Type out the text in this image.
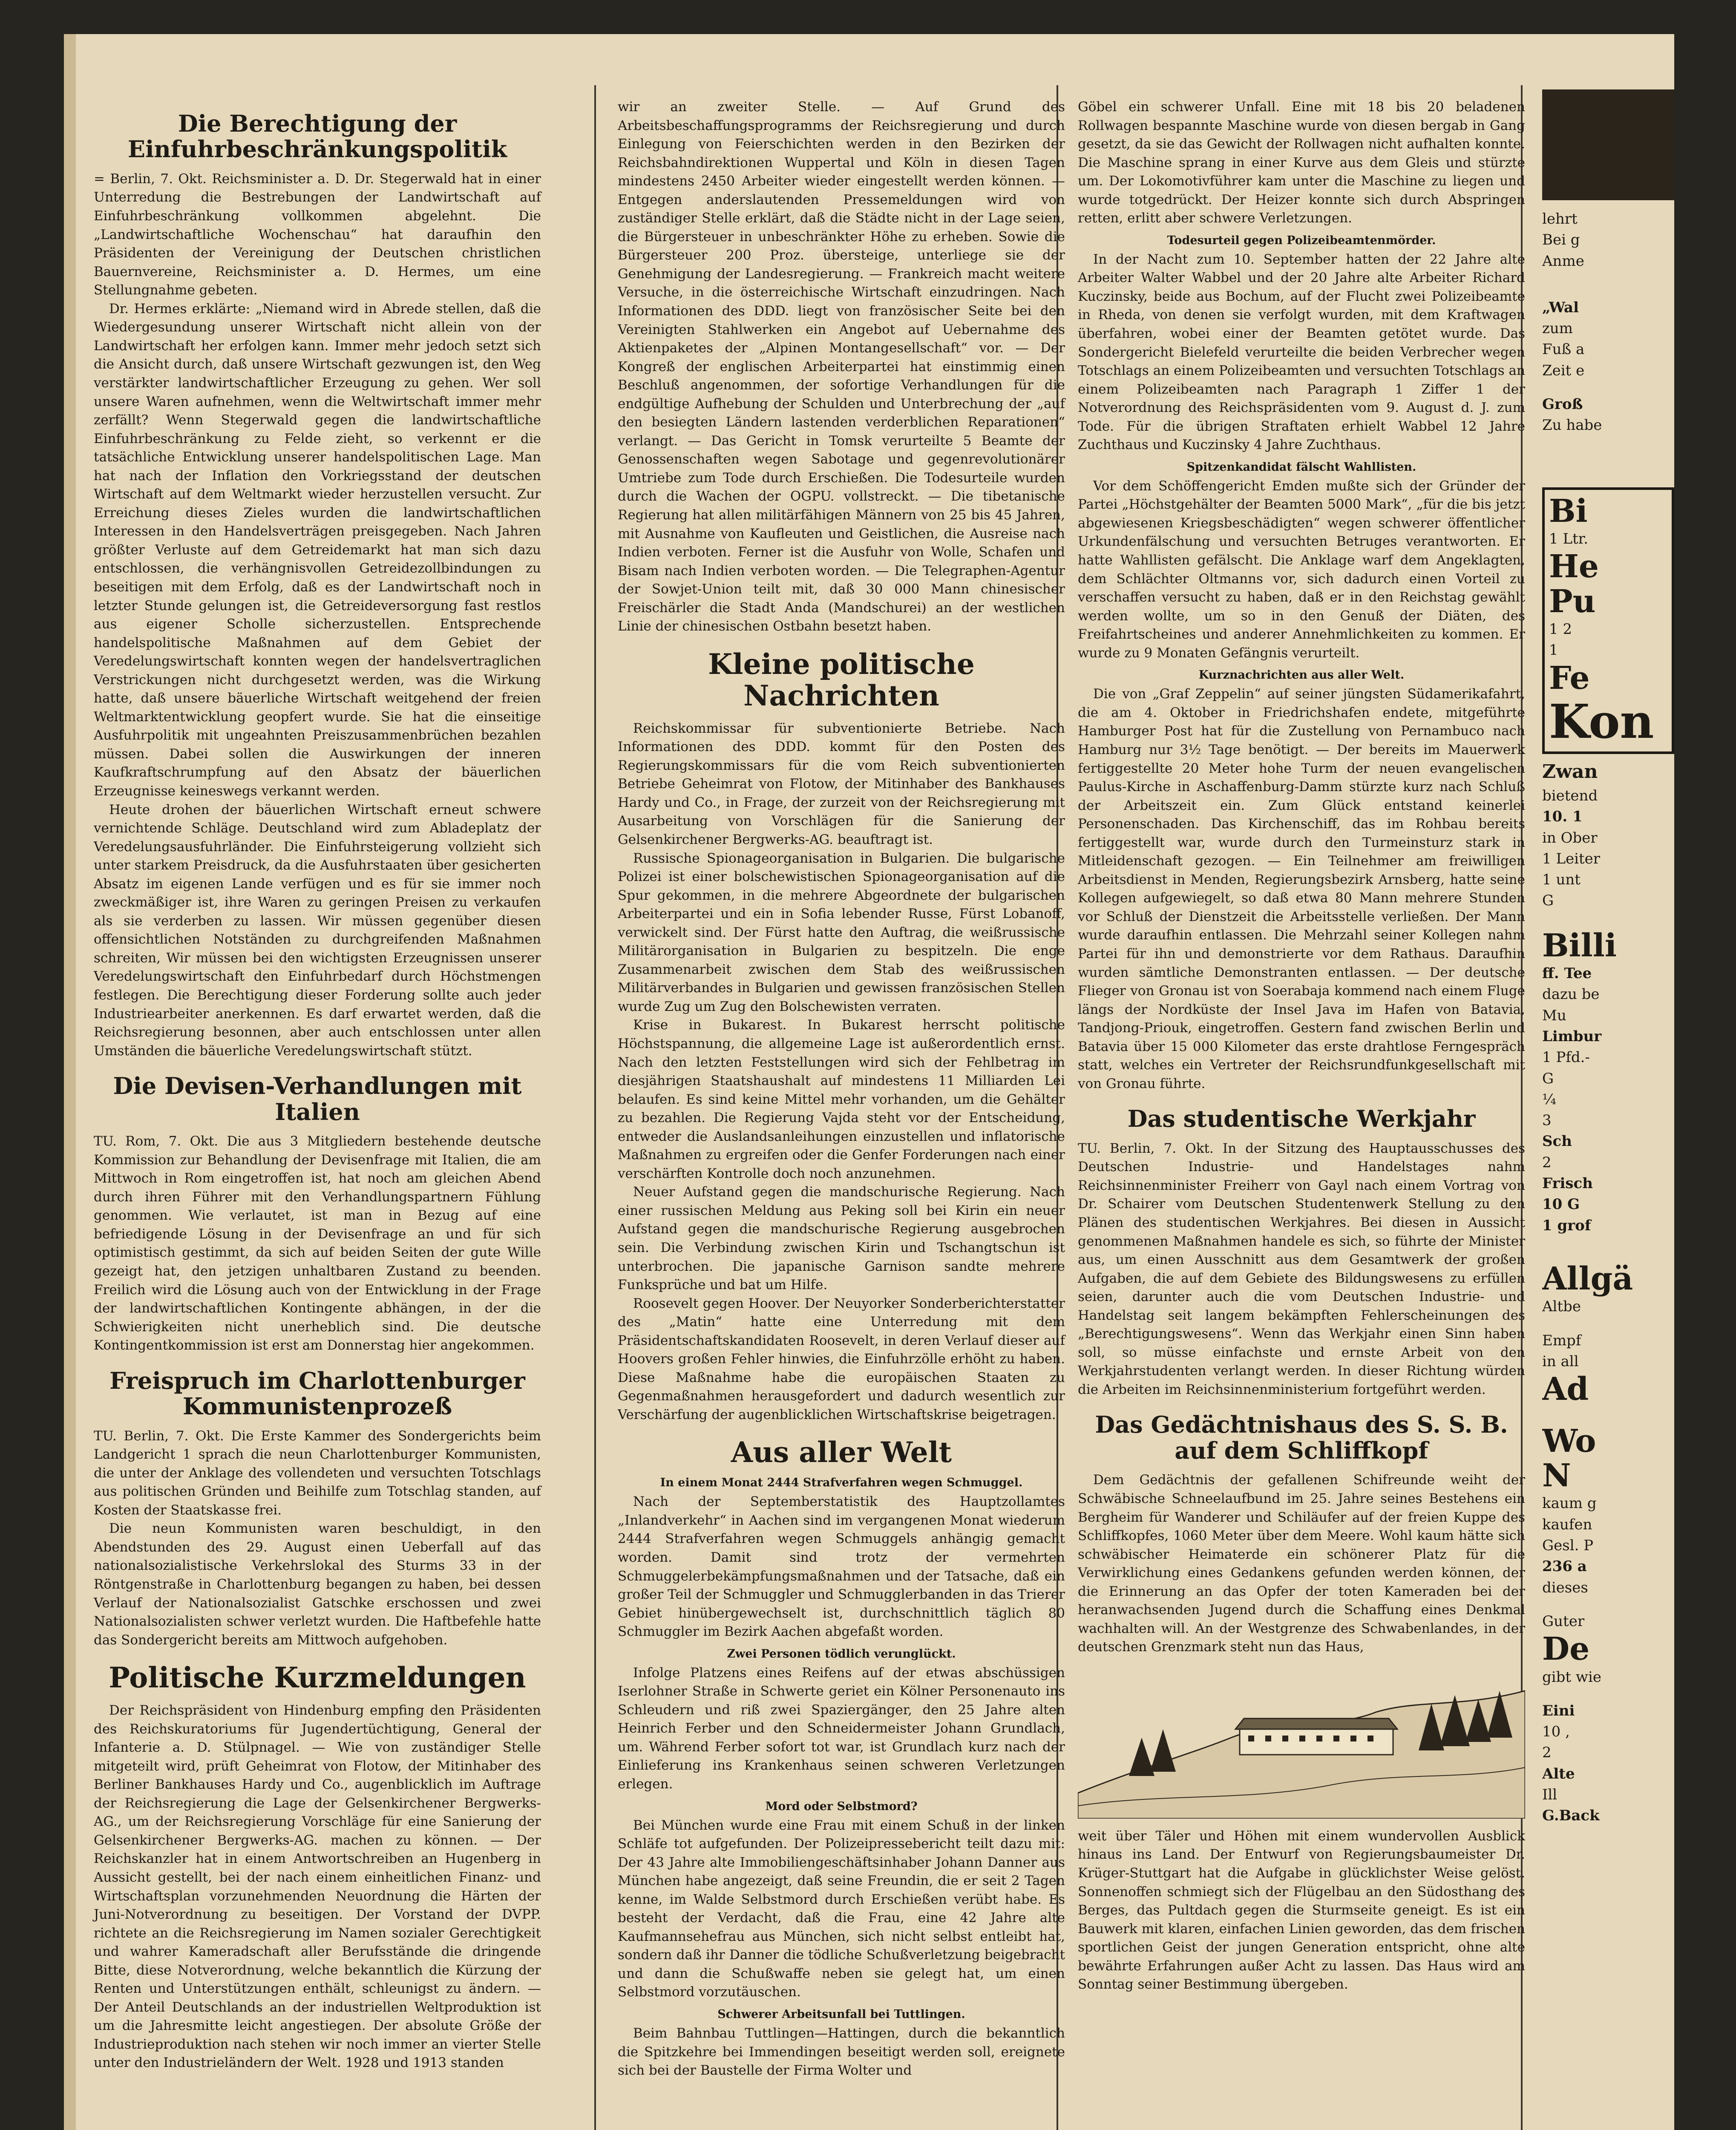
Die Berechtigung der Einfuhrbeschränkungspolitik

= Berlin, 7. Okt. Reichsminister a. D. Dr. Stegerwald hat in einer Unterredung die Bestrebungen der Landwirtschaft auf Einfuhrbeschränkung vollkommen abgelehnt. Die „Landwirtschaftliche Wochenschau“ hat daraufhin den Präsidenten der Vereinigung der Deutschen christlichen Bauernvereine, Reichsminister a. D. Hermes, um eine Stellungnahme gebeten.

Dr. Hermes erklärte: „Niemand wird in Abrede stellen, daß die Wiedergesundung unserer Wirtschaft nicht allein von der Landwirtschaft her erfolgen kann. Immer mehr jedoch setzt sich die Ansicht durch, daß unsere Wirtschaft gezwungen ist, den Weg verstärkter landwirtschaftlicher Erzeugung zu gehen. Wer soll unsere Waren aufnehmen, wenn die Weltwirtschaft immer mehr zerfällt? Wenn Stegerwald gegen die landwirtschaftliche Einfuhrbeschränkung zu Felde zieht, so verkennt er die tatsächliche Entwicklung unserer handelspolitischen Lage. Man hat nach der Inflation den Vorkriegsstand der deutschen Wirtschaft auf dem Weltmarkt wieder herzustellen versucht. Zur Erreichung dieses Zieles wurden die landwirtschaftlichen Interessen in den Handelsverträgen preisgegeben. Nach Jahren größter Verluste auf dem Getreidemarkt hat man sich dazu entschlossen, die verhängnisvollen Getreidezollbindungen zu beseitigen mit dem Erfolg, daß es der Landwirtschaft noch in letzter Stunde gelungen ist, die Getreideversorgung fast restlos aus eigener Scholle sicherzustellen. Entsprechende handelspolitische Maßnahmen auf dem Gebiet der Veredelungswirtschaft konnten wegen der handelsvertraglichen Verstrickungen nicht durchgesetzt werden, was die Wirkung hatte, daß unsere bäuerliche Wirtschaft weitgehend der freien Weltmarktentwicklung geopfert wurde. Sie hat die einseitige Ausfuhrpolitik mit ungeahnten Preiszusammenbrüchen bezahlen müssen. Dabei sollen die Auswirkungen der inneren Kaufkraftschrumpfung auf den Absatz der bäuerlichen Erzeugnisse keineswegs verkannt werden.

Heute drohen der bäuerlichen Wirtschaft erneut schwere vernichtende Schläge. Deutschland wird zum Abladeplatz der Veredelungsausfuhrländer. Die Einfuhrsteigerung vollzieht sich unter starkem Preisdruck, da die Ausfuhrstaaten über gesicherten Absatz im eigenen Lande verfügen und es für sie immer noch zweckmäßiger ist, ihre Waren zu geringen Preisen zu verkaufen als sie verderben zu lassen. Wir müssen gegenüber diesen offensichtlichen Notständen zu durchgreifenden Maßnahmen schreiten, Wir müssen bei den wichtigsten Erzeugnissen unserer Veredelungswirtschaft den Einfuhrbedarf durch Höchstmengen festlegen. Die Berechtigung dieser Forderung sollte auch jeder Industriearbeiter anerkennen. Es darf erwartet werden, daß die Reichsregierung besonnen, aber auch entschlossen unter allen Umständen die bäuerliche Veredelungswirtschaft stützt.

Die Devisen-Verhandlungen mit Italien

TU. Rom, 7. Okt. Die aus 3 Mitgliedern bestehende deutsche Kommission zur Behandlung der Devisenfrage mit Italien, die am Mittwoch in Rom eingetroffen ist, hat noch am gleichen Abend durch ihren Führer mit den Verhandlungspartnern Fühlung genommen. Wie verlautet, ist man in Bezug auf eine befriedigende Lösung in der Devisenfrage an und für sich optimistisch gestimmt, da sich auf beiden Seiten der gute Wille gezeigt hat, den jetzigen unhaltbaren Zustand zu beenden. Freilich wird die Lösung auch von der Entwicklung in der Frage der landwirtschaftlichen Kontingente abhängen, in der die Schwierigkeiten nicht unerheblich sind. Die deutsche Kontingentkommission ist erst am Donnerstag hier angekommen.

Freispruch im Charlottenburger Kommunistenprozeß

TU. Berlin, 7. Okt. Die Erste Kammer des Sondergerichts beim Landgericht 1 sprach die neun Charlottenburger Kommunisten, die unter der Anklage des vollendeten und versuchten Totschlags aus politischen Gründen und Beihilfe zum Totschlag standen, auf Kosten der Staatskasse frei.

Die neun Kommunisten waren beschuldigt, in den Abendstunden des 29. August einen Ueberfall auf das nationalsozialistische Verkehrslokal des Sturms 33 in der Röntgenstraße in Charlottenburg begangen zu haben, bei dessen Verlauf der Nationalsozialist Gatschke erschossen und zwei Nationalsozialisten schwer verletzt wurden. Die Haftbefehle hatte das Sondergericht bereits am Mittwoch aufgehoben.

Politische Kurzmeldungen

Der Reichspräsident von Hindenburg empfing den Präsidenten des Reichskuratoriums für Jugendertüchtigung, General der Infanterie a. D. Stülpnagel. — Wie von zuständiger Stelle mitgeteilt wird, prüft Geheimrat von Flotow, der Mitinhaber des Berliner Bankhauses Hardy und Co., augenblicklich im Auftrage der Reichsregierung die Lage der Gelsenkirchener Bergwerks-AG., um der Reichsregierung Vorschläge für eine Sanierung der Gelsenkirchener Bergwerks-AG. machen zu können. — Der Reichskanzler hat in einem Antwortschreiben an Hugenberg in Aussicht gestellt, bei der nach einem einheitlichen Finanz- und Wirtschaftsplan vorzunehmenden Neuordnung die Härten der Juni-Notverordnung zu beseitigen. Der Vorstand der DVPP. richtete an die Reichsregierung im Namen sozialer Gerechtigkeit und wahrer Kameradschaft aller Berufsstände die dringende Bitte, diese Notverordnung, welche bekanntlich die Kürzung der Renten und Unterstützungen enthält, schleunigst zu ändern. — Der Anteil Deutschlands an der industriellen Weltproduktion ist um die Jahresmitte leicht angestiegen. Der absolute Größe der Industrieproduktion nach stehen wir noch immer an vierter Stelle unter den Industrieländern der Welt. 1928 und 1913 standen

wir an zweiter Stelle. — Auf Grund des Arbeitsbeschaffungsprogramms der Reichsregierung und durch Einlegung von Feierschichten werden in den Bezirken der Reichsbahndirektionen Wuppertal und Köln in diesen Tagen mindestens 2450 Arbeiter wieder eingestellt werden können. — Entgegen anderslautenden Pressemeldungen wird von zuständiger Stelle erklärt, daß die Städte nicht in der Lage seien, die Bürgersteuer in unbeschränkter Höhe zu erheben. Sowie die Bürgersteuer 200 Proz. übersteige, unterliege sie der Genehmigung der Landesregierung. — Frankreich macht weitere Versuche, in die österreichische Wirtschaft einzudringen. Nach Informationen des DDD. liegt von französischer Seite bei den Vereinigten Stahlwerken ein Angebot auf Uebernahme des Aktienpaketes der „Alpinen Montangesellschaft“ vor. — Der Kongreß der englischen Arbeiterpartei hat einstimmig einen Beschluß angenommen, der sofortige Verhandlungen für die endgültige Aufhebung der Schulden und Unterbrechung der „auf den besiegten Ländern lastenden verderblichen Reparationen“ verlangt. — Das Gericht in Tomsk verurteilte 5 Beamte der Genossenschaften wegen Sabotage und gegenrevolutionärer Umtriebe zum Tode durch Erschießen. Die Todesurteile wurden durch die Wachen der OGPU. vollstreckt. — Die tibetanische Regierung hat allen militärfähigen Männern von 25 bis 45 Jahren, mit Ausnahme von Kaufleuten und Geistlichen, die Ausreise nach Indien verboten. Ferner ist die Ausfuhr von Wolle, Schafen und Bisam nach Indien verboten worden. — Die Telegraphen-Agentur der Sowjet-Union teilt mit, daß 30 000 Mann chinesischer Freischärler die Stadt Anda (Mandschurei) an der westlichen Linie der chinesischen Ostbahn besetzt haben.

Kleine politische Nachrichten

Reichskommissar für subventionierte Betriebe. Nach Informationen des DDD. kommt für den Posten des Regierungskommissars für die vom Reich subventionierten Betriebe Geheimrat von Flotow, der Mitinhaber des Bankhauses Hardy und Co., in Frage, der zurzeit von der Reichsregierung mit Ausarbeitung von Vorschlägen für die Sanierung der Gelsenkirchener Bergwerks-AG. beauftragt ist.

Russische Spionageorganisation in Bulgarien. Die bulgarische Polizei ist einer bolschewistischen Spionageorganisation auf die Spur gekommen, in die mehrere Abgeordnete der bulgarischen Arbeiterpartei und ein in Sofia lebender Russe, Fürst Lobanoff, verwickelt sind. Der Fürst hatte den Auftrag, die weißrussische Militärorganisation in Bulgarien zu bespitzeln. Die enge Zusammenarbeit zwischen dem Stab des weißrussischen Militärverbandes in Bulgarien und gewissen französischen Stellen wurde Zug um Zug den Bolschewisten verraten.

Krise in Bukarest. In Bukarest herrscht politische Höchstspannung, die allgemeine Lage ist außerordentlich ernst. Nach den letzten Feststellungen wird sich der Fehlbetrag im diesjährigen Staatshaushalt auf mindestens 11 Milliarden Lei belaufen. Es sind keine Mittel mehr vorhanden, um die Gehälter zu bezahlen. Die Regierung Vajda steht vor der Entscheidung, entweder die Auslandsanleihungen einzustellen und inflatorische Maßnahmen zu ergreifen oder die Genfer Forderungen nach einer verschärften Kontrolle doch noch anzunehmen.

Neuer Aufstand gegen die mandschurische Regierung. Nach einer russischen Meldung aus Peking soll bei Kirin ein neuer Aufstand gegen die mandschurische Regierung ausgebrochen sein. Die Verbindung zwischen Kirin und Tschangtschun ist unterbrochen. Die japanische Garnison sandte mehrere Funksprüche und bat um Hilfe.

Roosevelt gegen Hoover. Der Neuyorker Sonderberichterstatter des „Matin“ hatte eine Unterredung mit dem Präsidentschaftskandidaten Roosevelt, in deren Verlauf dieser auf Hoovers großen Fehler hinwies, die Einfuhrzölle erhöht zu haben. Diese Maßnahme habe die europäischen Staaten zu Gegenmaßnahmen herausgefordert und dadurch wesentlich zur Verschärfung der augenblicklichen Wirtschaftskrise beigetragen.

Aus aller Welt
In einem Monat 2444 Strafverfahren wegen Schmuggel.

Nach der Septemberstatistik des Hauptzollamtes „Inlandverkehr“ in Aachen sind im vergangenen Monat wiederum 2444 Strafverfahren wegen Schmuggels anhängig gemacht worden. Damit sind trotz der vermehrten Schmuggelerbekämpfungsmaßnahmen und der Tatsache, daß ein großer Teil der Schmuggler und Schmugglerbanden in das Trierer Gebiet hinübergewechselt ist, durchschnittlich täglich 80 Schmuggler im Bezirk Aachen abgefaßt worden.

Zwei Personen tödlich verunglückt.

Infolge Platzens eines Reifens auf der etwas abschüssigen Iserlohner Straße in Schwerte geriet ein Kölner Personenauto ins Schleudern und riß zwei Spaziergänger, den 25 Jahre alten Heinrich Ferber und den Schneidermeister Johann Grundlach, um. Während Ferber sofort tot war, ist Grundlach kurz nach der Einlieferung ins Krankenhaus seinen schweren Verletzungen erlegen.

Mord oder Selbstmord?

Bei München wurde eine Frau mit einem Schuß in der linken Schläfe tot aufgefunden. Der Polizeipressebericht teilt dazu mit: Der 43 Jahre alte Immobiliengeschäftsinhaber Johann Danner aus München habe angezeigt, daß seine Freundin, die er seit 2 Tagen kenne, im Walde Selbstmord durch Erschießen verübt habe. Es besteht der Verdacht, daß die Frau, eine 42 Jahre alte Kaufmannsehefrau aus München, sich nicht selbst entleibt hat, sondern daß ihr Danner die tödliche Schußverletzung beigebracht und dann die Schußwaffe neben sie gelegt hat, um einen Selbstmord vorzutäuschen.

Schwerer Arbeitsunfall bei Tuttlingen.

Beim Bahnbau Tuttlingen—Hattingen, durch die bekanntlich die Spitzkehre bei Immendingen beseitigt werden soll, ereignete sich bei der Baustelle der Firma Wolter und

Göbel ein schwerer Unfall. Eine mit 18 bis 20 beladenen Rollwagen bespannte Maschine wurde von diesen bergab in Gang gesetzt, da sie das Gewicht der Rollwagen nicht aufhalten konnte. Die Maschine sprang in einer Kurve aus dem Gleis und stürzte um. Der Lokomotivführer kam unter die Maschine zu liegen und wurde totgedrückt. Der Heizer konnte sich durch Abspringen retten, erlitt aber schwere Verletzungen.

Todesurteil gegen Polizeibeamtenmörder.

In der Nacht zum 10. September hatten der 22 Jahre alte Arbeiter Walter Wabbel und der 20 Jahre alte Arbeiter Richard Kuczinsky, beide aus Bochum, auf der Flucht zwei Polizeibeamte in Rheda, von denen sie verfolgt wurden, mit dem Kraftwagen überfahren, wobei einer der Beamten getötet wurde. Das Sondergericht Bielefeld verurteilte die beiden Verbrecher wegen Totschlags an einem Polizeibeamten und versuchten Totschlags an einem Polizeibeamten nach Paragraph 1 Ziffer 1 der Notverordnung des Reichspräsidenten vom 9. August d. J. zum Tode. Für die übrigen Straftaten erhielt Wabbel 12 Jahre Zuchthaus und Kuczinsky 4 Jahre Zuchthaus.

Spitzenkandidat fälscht Wahllisten.

Vor dem Schöffengericht Emden mußte sich der Gründer der Partei „Höchstgehälter der Beamten 5000 Mark“, „für die bis jetzt abgewiesenen Kriegsbeschädigten“ wegen schwerer öffentlicher Urkundenfälschung und versuchten Betruges verantworten. Er hatte Wahllisten gefälscht. Die Anklage warf dem Angeklagten, dem Schlächter Oltmanns vor, sich dadurch einen Vorteil zu verschaffen versucht zu haben, daß er in den Reichstag gewählt werden wollte, um so in den Genuß der Diäten, des Freifahrtscheines und anderer Annehmlichkeiten zu kommen. Er wurde zu 9 Monaten Gefängnis verurteilt.

Kurznachrichten aus aller Welt.

Die von „Graf Zeppelin“ auf seiner jüngsten Südamerikafahrt, die am 4. Oktober in Friedrichshafen endete, mitgeführte Hamburger Post hat für die Zustellung von Pernambuco nach Hamburg nur 3½ Tage benötigt. — Der bereits im Mauerwerk fertiggestellte 20 Meter hohe Turm der neuen evangelischen Paulus-Kirche in Aschaffenburg-Damm stürzte kurz nach Schluß der Arbeitszeit ein. Zum Glück entstand keinerlei Personenschaden. Das Kirchenschiff, das im Rohbau bereits fertiggestellt war, wurde durch den Turmeinsturz stark in Mitleidenschaft gezogen. — Ein Teilnehmer am freiwilligen Arbeitsdienst in Menden, Regierungsbezirk Arnsberg, hatte seine Kollegen aufgewiegelt, so daß etwa 80 Mann mehrere Stunden vor Schluß der Dienstzeit die Arbeitsstelle verließen. Der Mann wurde daraufhin entlassen. Die Mehrzahl seiner Kollegen nahm Partei für ihn und demonstrierte vor dem Rathaus. Daraufhin wurden sämtliche Demonstranten entlassen. — Der deutsche Flieger von Gronau ist von Soerabaja kommend nach einem Fluge längs der Nordküste der Insel Java im Hafen von Batavia, Tandjong-Priouk, eingetroffen. Gestern fand zwischen Berlin und Batavia über 15 000 Kilometer das erste drahtlose Ferngespräch statt, welches ein Vertreter der Reichsrundfunkgesellschaft mit von Gronau führte.

Das studentische Werkjahr

TU. Berlin, 7. Okt. In der Sitzung des Hauptausschusses des Deutschen Industrie- und Handelstages nahm Reichsinnenminister Freiherr von Gayl nach einem Vortrag von Dr. Schairer vom Deutschen Studentenwerk Stellung zu den Plänen des studentischen Werkjahres. Bei diesen in Aussicht genommenen Maßnahmen handele es sich, so führte der Minister aus, um einen Ausschnitt aus dem Gesamtwerk der großen Aufgaben, die auf dem Gebiete des Bildungswesens zu erfüllen seien, darunter auch die vom Deutschen Industrie- und Handelstag seit langem bekämpften Fehlerscheinungen des „Berechtigungswesens“. Wenn das Werkjahr einen Sinn haben soll, so müsse einfachste und ernste Arbeit von den Werkjahrstudenten verlangt werden. In dieser Richtung würden die Arbeiten im Reichsinnenministerium fortgeführt werden.

Das Gedächtnishaus des S. S. B. auf dem Schliffkopf

Dem Gedächtnis der gefallenen Schifreunde weiht der Schwäbische Schneelaufbund im 25. Jahre seines Bestehens ein Bergheim für Wanderer und Schiläufer auf der freien Kuppe des Schliffkopfes, 1060 Meter über dem Meere. Wohl kaum hätte sich schwäbischer Heimaterde ein schönerer Platz für die Verwirklichung eines Gedankens gefunden werden können, der die Erinnerung an das Opfer der toten Kameraden bei der heranwachsenden Jugend durch die Schaffung eines Denkmal wachhalten will. An der Westgrenze des Schwabenlandes, in der deutschen Grenzmark steht nun das Haus,

weit über Täler und Höhen mit einem wundervollen Ausblick hinaus ins Land. Der Entwurf von Regierungsbaumeister Dr. Krüger-Stuttgart hat die Aufgabe in glücklichster Weise gelöst. Sonnenoffen schmiegt sich der Flügelbau an den Südosthang des Berges, das Pultdach gegen die Sturmseite geneigt. Es ist ein Bauwerk mit klaren, einfachen Linien geworden, das dem frischen sportlichen Geist der jungen Generation entspricht, ohne alte bewährte Erfahrungen außer Acht zu lassen. Das Haus wird am Sonntag seiner Bestimmung übergeben.

lehrt
Bei g
Anme
„Wal
zum
Fuß a
Zeit e
Groß
Zu habe
Bi
1 Ltr.
He
Pu
1 2
1
Fe
Kon
Zwan
bietend
10. 1
in Ober
1 Leiter
1 unt
G
Billi
ff. Tee
dazu be
Mu
Limbur
1 Pfd.-
G
¼
3
Sch
2
Frisch
10 G
1 grof
Allgä
Altbe
Empf
in all
Ad
Wo
N
kaum g
kaufen
Gesl. P
236 a
dieses
Guter
De
gibt wie
Eini
10 ,
2
Alte
Ill
G.Back
